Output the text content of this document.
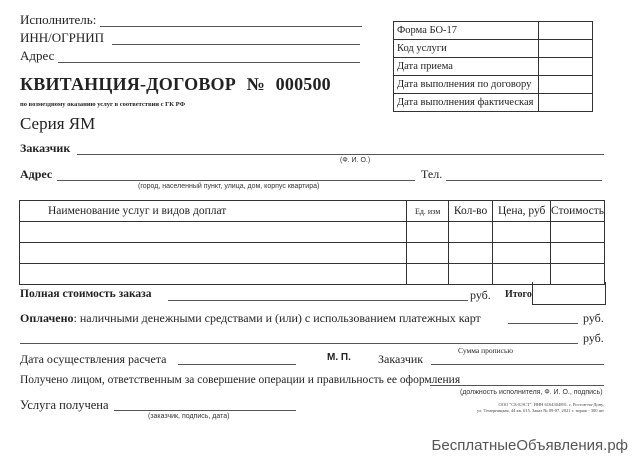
Исполнитель:
ИНН/ОГРНИП
Адрес
КВИТАНЦИЯ-ДОГОВОР № 000500
по возмездному оказанию услуг в соответствии с ГК РФ
Серия ЯМ
Форма БО-17	
Код услуги	
Дата приема	
Дата выполнения по договору	
Дата выполнения фактическая	
Заказчик
(Ф. И. О.)
Адрес	Тел.
(город, населенный пункт, улица, дом, корпус квартира)
Наименование услуг и видов доплат	Ед. изм	Кол-во	Цена, руб	Стоимость

Полная стоимость заказа	руб. Итого
Оплачено: наличными денежными средствами и (или) с использованием платежных карт	руб.
руб.
Сумма прописью
Дата осуществления расчета	М. П. Заказчик
Получено лицом, ответственным за совершение операции и правильность ее оформления
(должность исполнителя, Ф. И. О., подпись)
Услуга получена
(заказчик, подпись, дата)
ООО "СБ-БЭСТ". ИНН 6164304891. г. Ростов-на-Дону,
ул. Темерницкая, 44 кв. 615. Заказ № 09-07. 2021 г. тираж - 300 шт
БесплатныеОбъявления.рф
